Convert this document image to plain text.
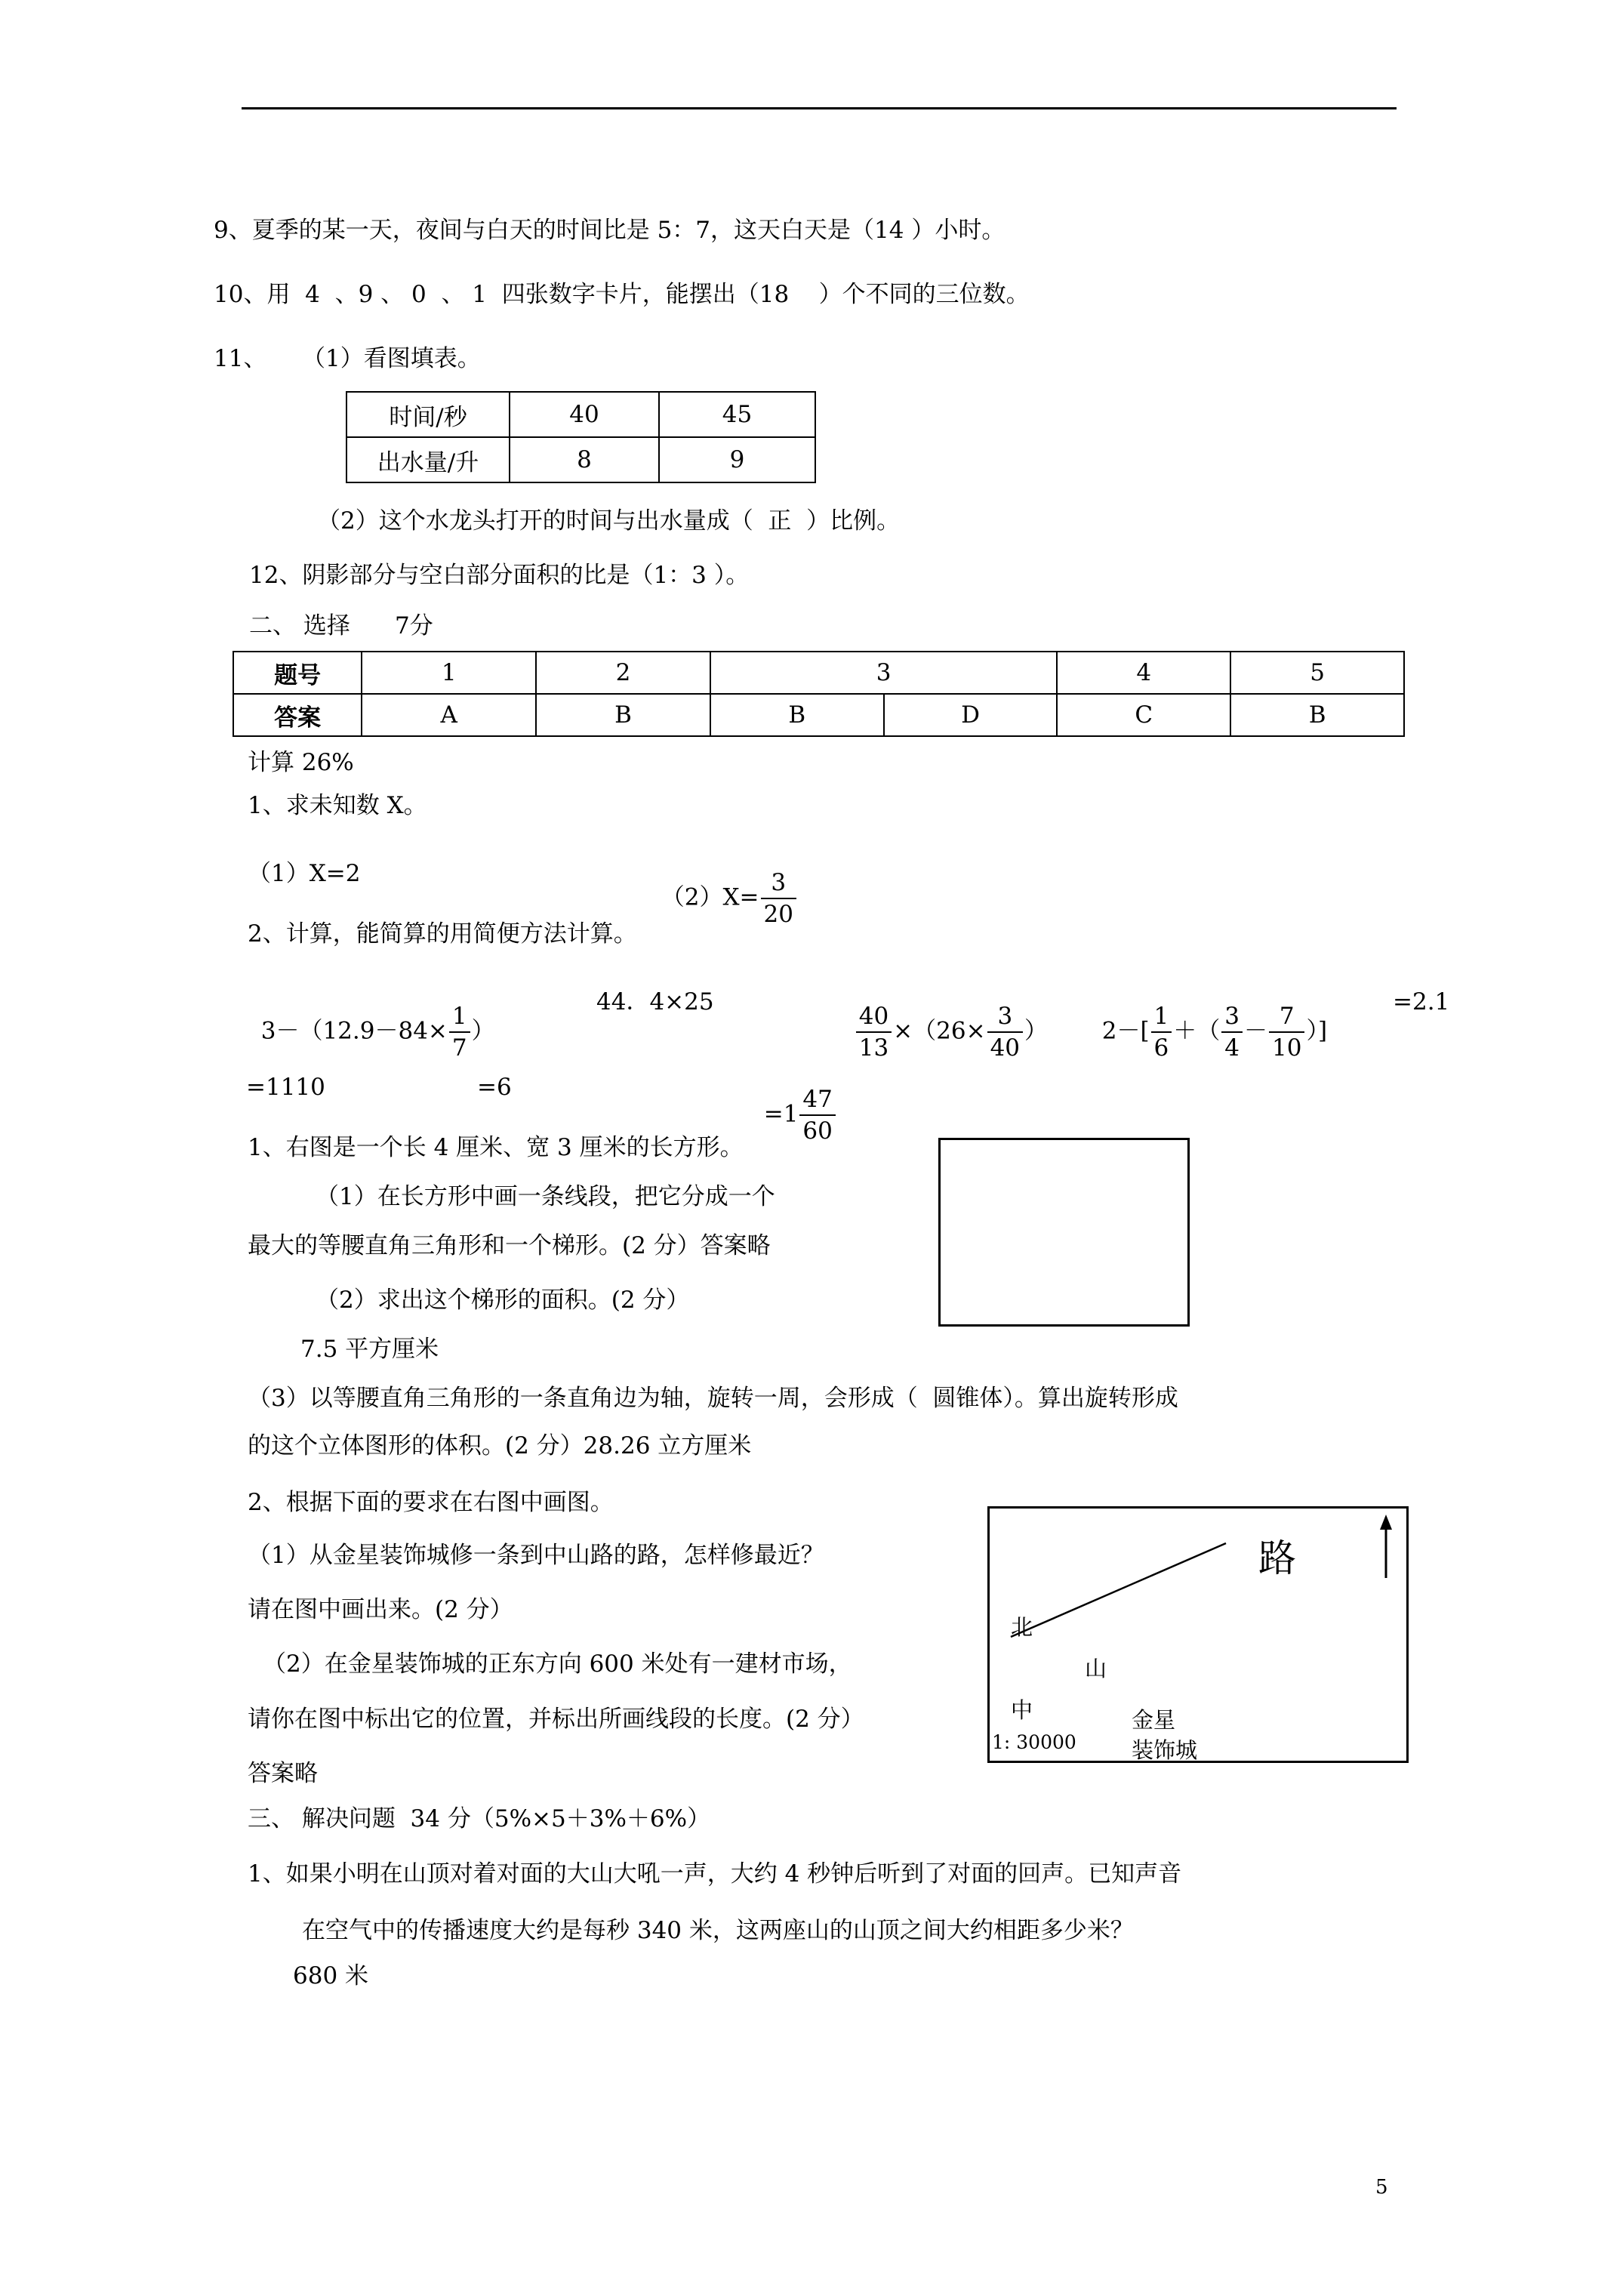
9、夏季的某一天，夜间与白天的时间比是 5：7，这天白天是（14 ）小时。
10、用  4  、9 、 0  、 1  四张数字卡片，能摆出（18    ）个不同的三位数。
11、 （1）看图填表。
时间/秒	40	45
出水量/升	8	9
（2）这个水龙头打开的时间与出水量成（  正  ）比例。
12、阴影部分与空白部分面积的比是（1：3 ）。
二、 选择      7分
题号	1	2	3		4	5
答案	A	B	B	D	C	B
计算 26%
1、求未知数 X。
（1）X=2

$(2)X= \frac{3}{20}$

2、计算，能简算的用简便方法计算。

$3-(12.9-84\times \frac{1}{7}$ ）

44．4×25

	$\frac{40}{13} \times(26\times \frac{3}{40}$ ）	$2-[ \frac{1}{6}$ ＋（ $\frac{3}{4} - \frac{7}{10}$ ）]

=2.1
=1110	=6

$=1 \frac{47}{60}$

1、右图是一个长 4 厘米、宽 3 厘米的长方形。
（1）在长方形中画一条线段，把它分成一个
最大的等腰直角三角形和一个梯形。(2 分）答案略
（2）求出这个梯形的面积。(2 分）
7.5 平方厘米
（3）以等腰直角三角形的一条直角边为轴，旋转一周，会形成（  圆锥体）。算出旋转形成
的这个立体图形的体积。(2 分）28.26 立方厘米
2、根据下面的要求在右图中画图。
（1）从金星装饰城修一条到中山路的路，怎样修最近？
请在图中画出来。(2 分）
（2）在金星装饰城的正东方向 600 米处有一建材市场，
请你在图中标出它的位置，并标出所画线段的长度。(2 分）
答案略
路
北
山
中
1: 30000
金星
装饰城
三、 解决问题  34 分（5%×5＋3%＋6%）
1、如果小明在山顶对着对面的大山大吼一声，大约 4 秒钟后听到了对面的回声。已知声音
在空气中的传播速度大约是每秒 340 米，这两座山的山顶之间大约相距多少米？
680 米
5
